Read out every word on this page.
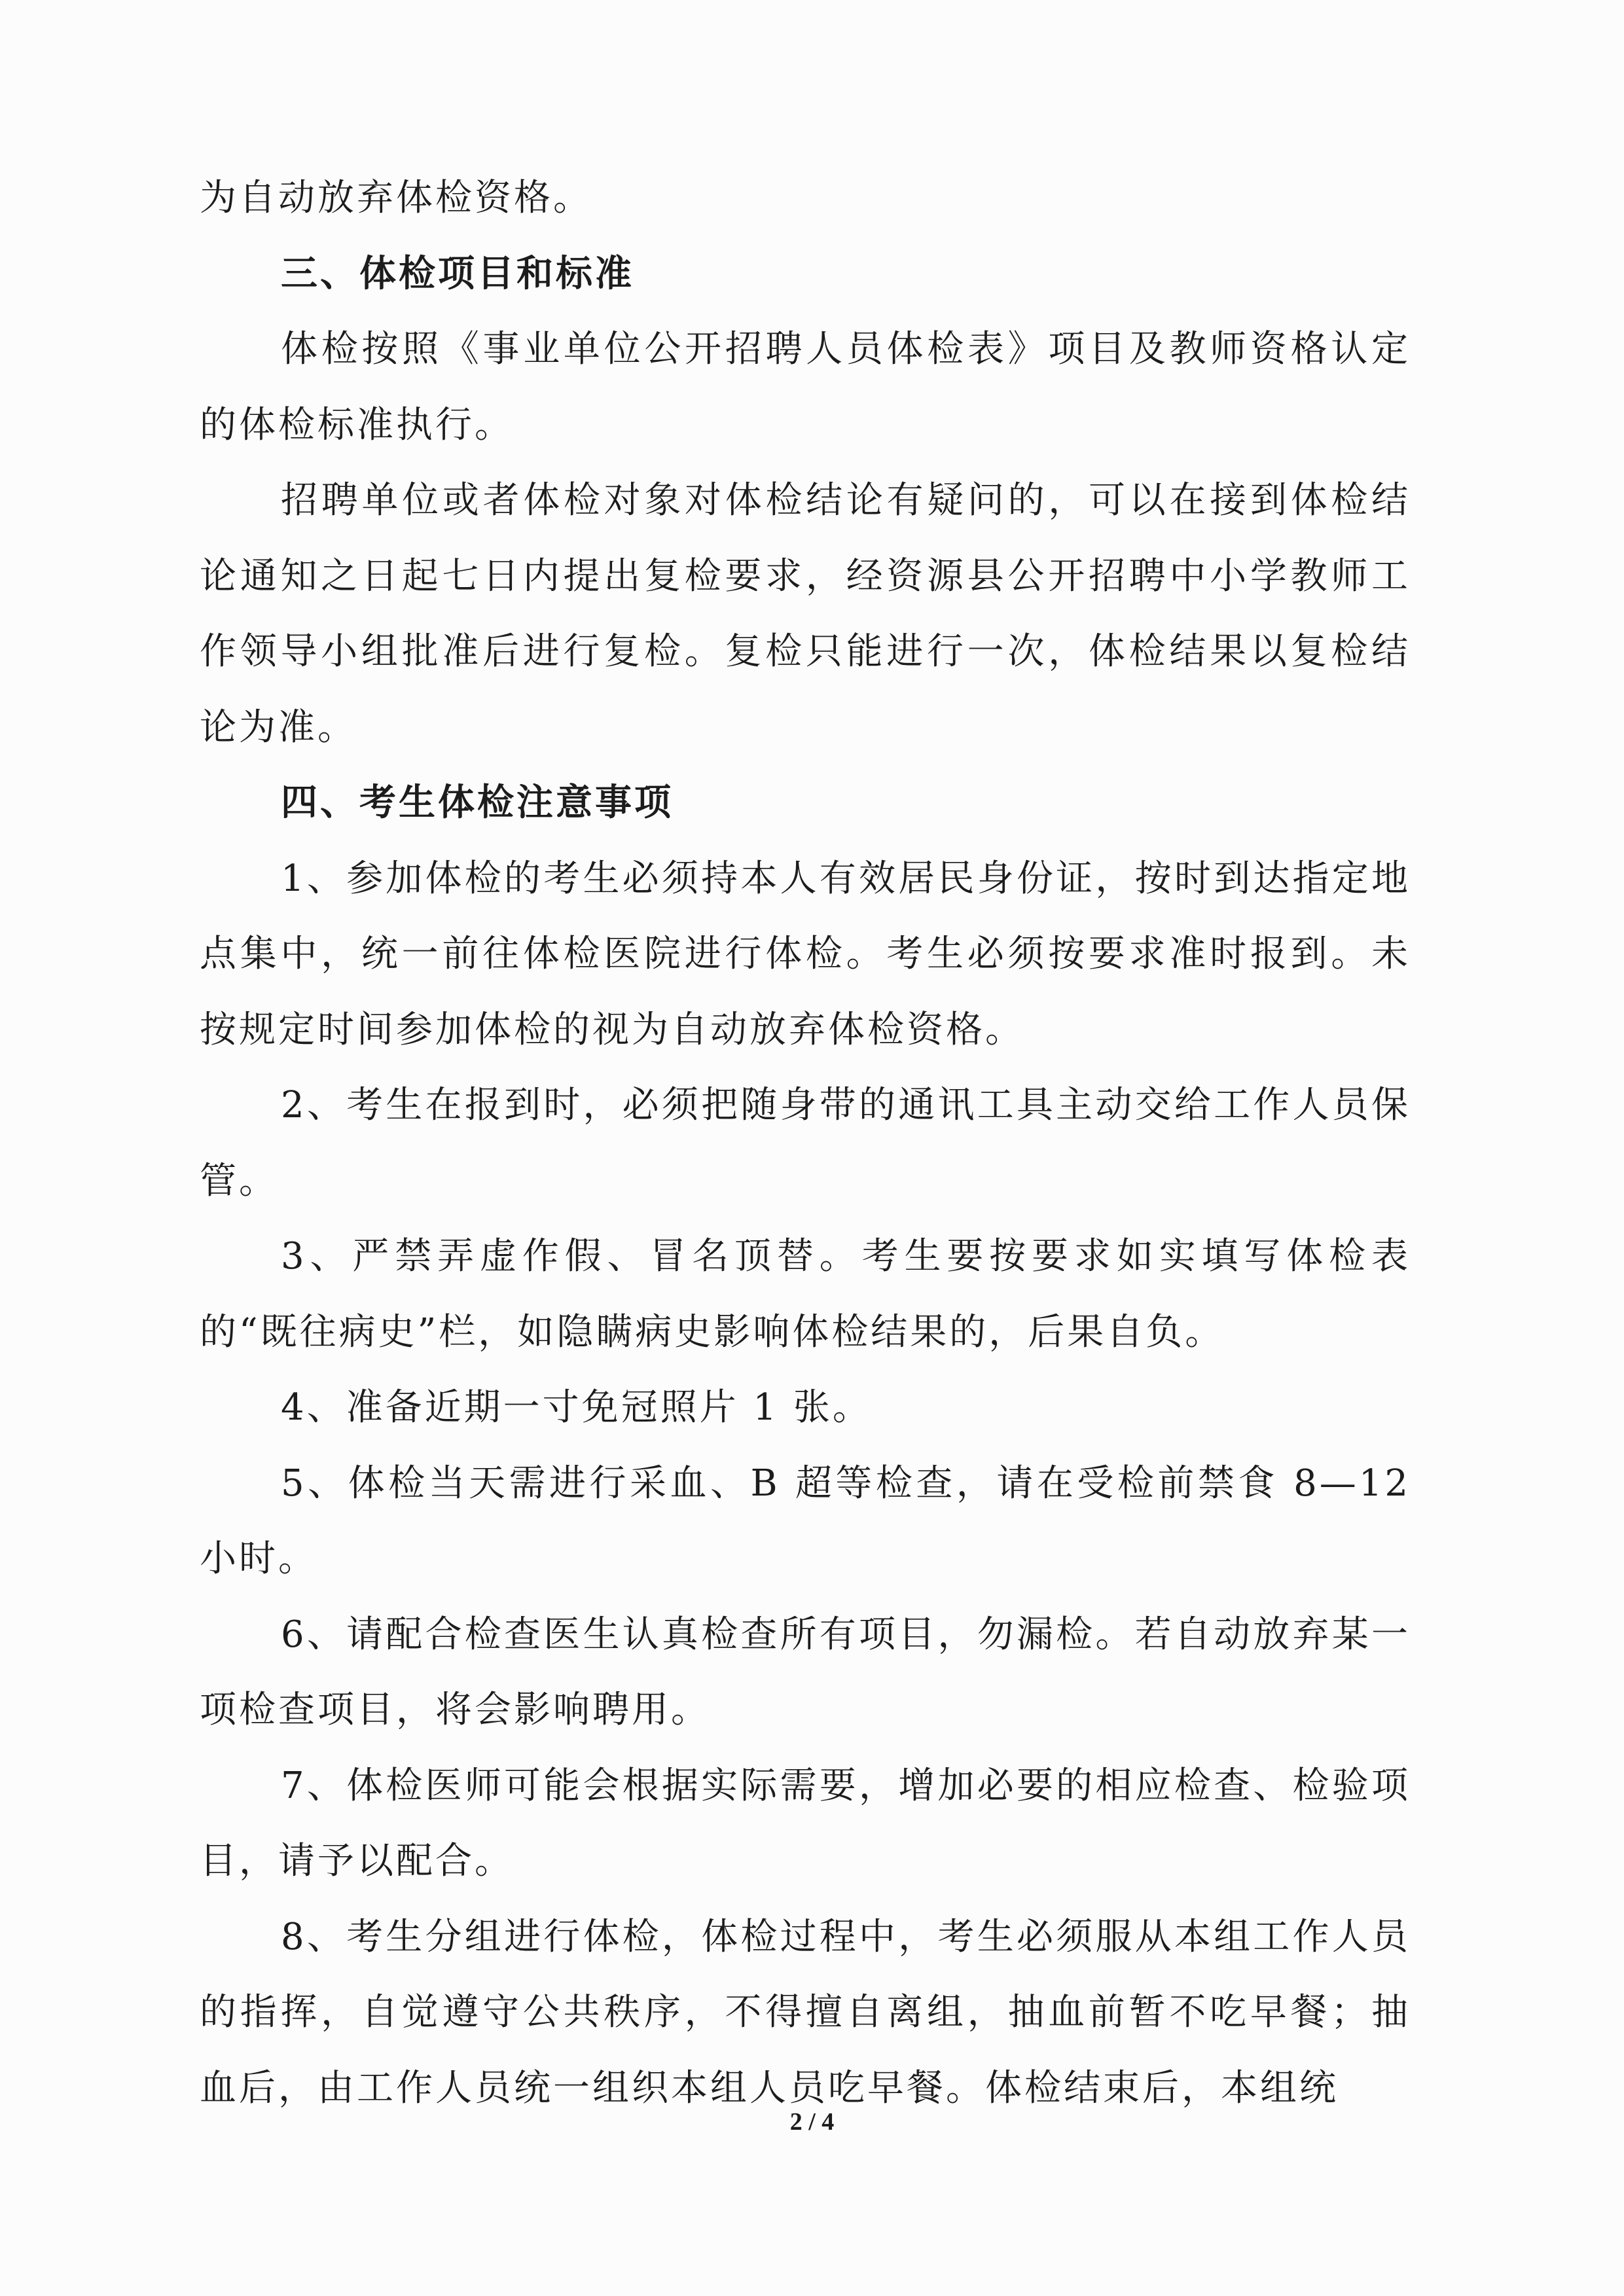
为自动放弃体检资格。

三、体检项目和标准

体检按照《事业单位公开招聘人员体检表》项目及教师资格认定的体检标准执行。

招聘单位或者体检对象对体检结论有疑问的，可以在接到体检结论通知之日起七日内提出复检要求，经资源县公开招聘中小学教师工作领导小组批准后进行复检。复检只能进行一次，体检结果以复检结论为准。

四、考生体检注意事项

1、参加体检的考生必须持本人有效居民身份证，按时到达指定地点集中，统一前往体检医院进行体检。考生必须按要求准时报到。未按规定时间参加体检的视为自动放弃体检资格。

2、考生在报到时，必须把随身带的通讯工具主动交给工作人员保管。

3、严禁弄虚作假、冒名顶替。考生要按要求如实填写体检表的“既往病史”栏，如隐瞒病史影响体检结果的，后果自负。

4、准备近期一寸免冠照片 1 张。

5、体检当天需进行采血、B 超等检查，请在受检前禁食 8—12 小时。

6、请配合检查医生认真检查所有项目，勿漏检。若自动放弃某一项检查项目，将会影响聘用。

7、体检医师可能会根据实际需要，增加必要的相应检查、检验项目，请予以配合。

8、考生分组进行体检，体检过程中，考生必须服从本组工作人员的指挥，自觉遵守公共秩序，不得擅自离组，抽血前暂不吃早餐；抽血后，由工作人员统一组织本组人员吃早餐。体检结束后，本组统

2 / 4
